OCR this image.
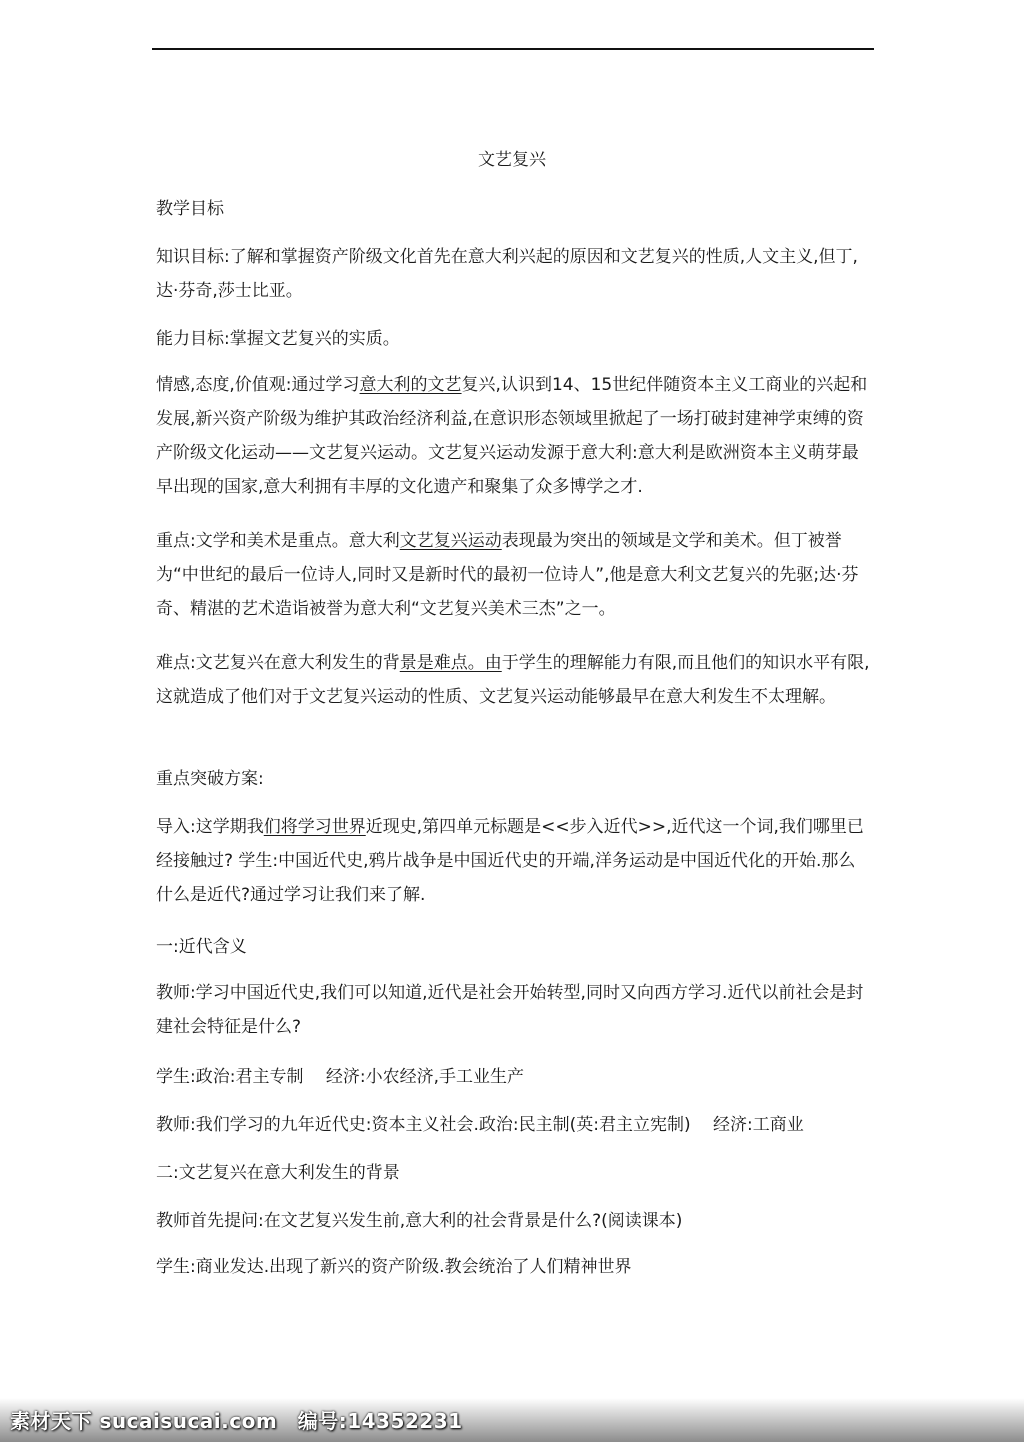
文艺复兴

教学目标

知识目标:了解和掌握资产阶级文化首先在意大利兴起的原因和文艺复兴的性质,人文主义,但丁,达·芬奇,莎士比亚。

能力目标:掌握文艺复兴的实质。

情感,态度,价值观:通过学习意大利的文艺复兴,认识到14、15世纪伴随资本主义工商业的兴起和发展,新兴资产阶级为维护其政治经济利益,在意识形态领域里掀起了一场打破封建神学束缚的资产阶级文化运动——文艺复兴运动。文艺复兴运动发源于意大利:意大利是欧洲资本主义萌芽最早出现的国家,意大利拥有丰厚的文化遗产和聚集了众多博学之才.

重点:文学和美术是重点。意大利文艺复兴运动表现最为突出的领域是文学和美术。但丁被誉为“中世纪的最后一位诗人,同时又是新时代的最初一位诗人”,他是意大利文艺复兴的先驱;达·芬奇、精湛的艺术造诣被誉为意大利“文艺复兴美术三杰”之一。

难点:文艺复兴在意大利发生的背景是难点。由于学生的理解能力有限,而且他们的知识水平有限,这就造成了他们对于文艺复兴运动的性质、文艺复兴运动能够最早在意大利发生不太理解。

重点突破方案:

导入:这学期我们将学习世界近现史,第四单元标题是<<步入近代>>,近代这一个词,我们哪里已经接触过? 学生:中国近代史,鸦片战争是中国近代史的开端,洋务运动是中国近代化的开始.那么什么是近代?通过学习让我们来了解.

一:近代含义

教师:学习中国近代史,我们可以知道,近代是社会开始转型,同时又向西方学习.近代以前社会是封建社会特征是什么?

学生:政治:君主专制　 经济:小农经济,手工业生产

教师:我们学习的九年近代史:资本主义社会.政治:民主制(英:君主立宪制)　 经济:工商业

二:文艺复兴在意大利发生的背景

教师首先提问:在文艺复兴发生前,意大利的社会背景是什么?(阅读课本)

学生:商业发达.出现了新兴的资产阶级.教会统治了人们精神世界

素材天下 sucaisucai.com　编号:14352231
